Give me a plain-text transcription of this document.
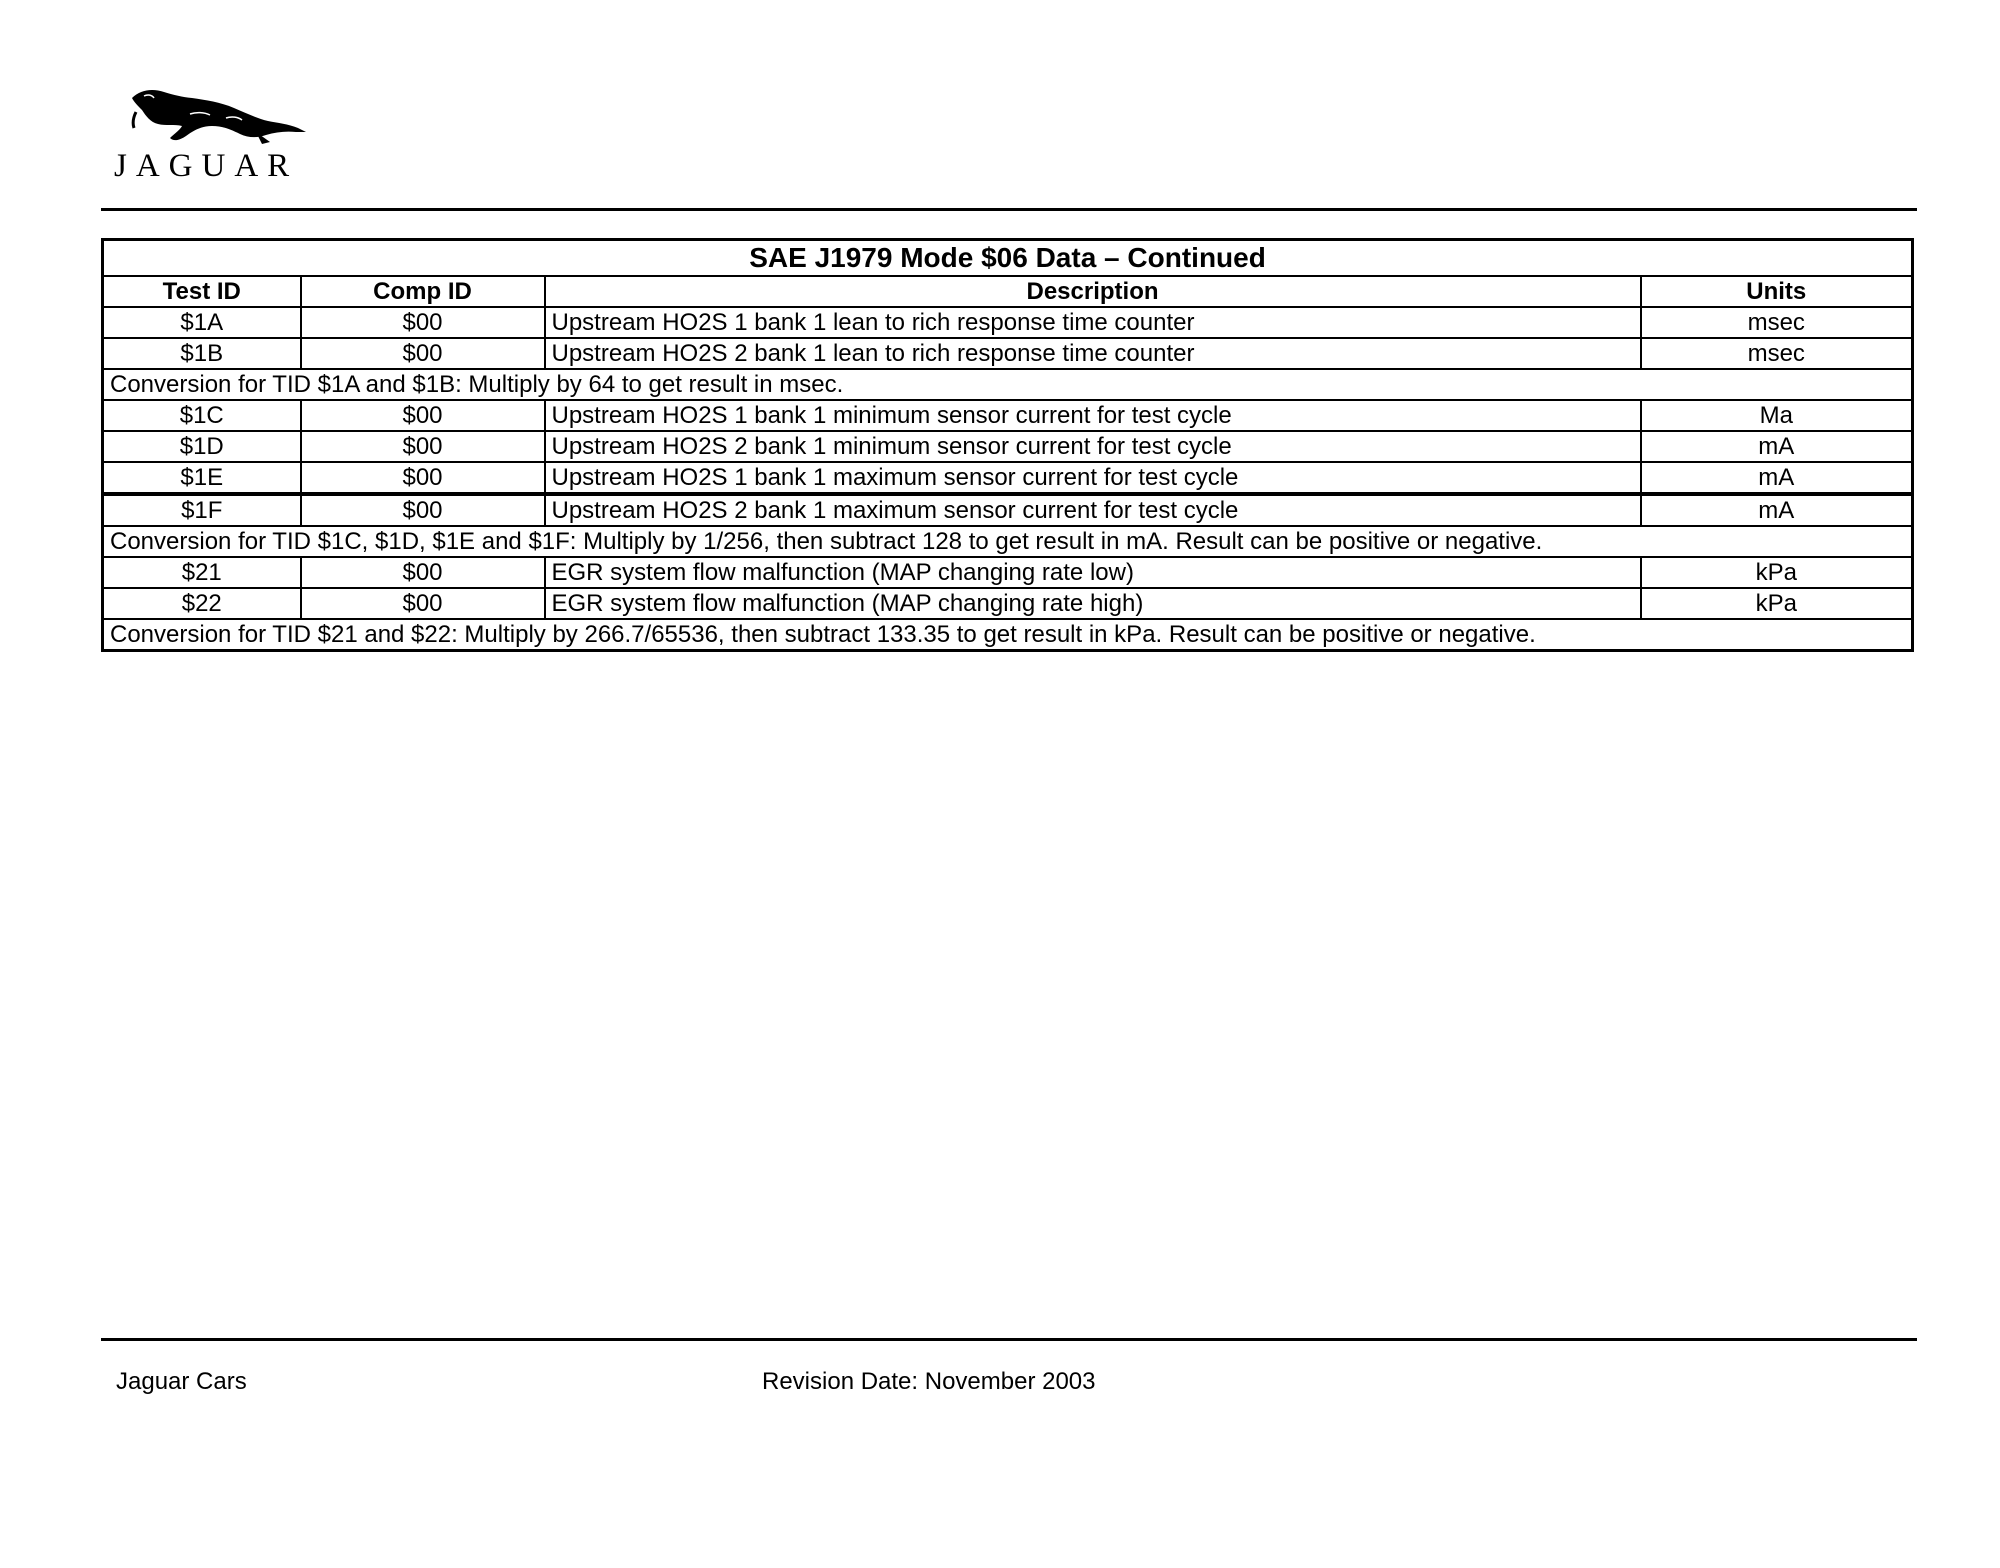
JAGUAR
SAE J1979 Mode $06 Data – Continued			
Test ID	Comp ID	Description	Units
$1A	$00	Upstream HO2S 1 bank 1 lean to rich response time counter	msec
$1B	$00	Upstream HO2S 2 bank 1 lean to rich response time counter	msec
Conversion for TID $1A and $1B: Multiply by 64 to get result in msec.			
$1C	$00	Upstream HO2S 1 bank 1 minimum sensor current for test cycle	Ma
$1D	$00	Upstream HO2S 2 bank 1 minimum sensor current for test cycle	mA
$1E	$00	Upstream HO2S 1 bank 1 maximum sensor current for test cycle	mA
$1F	$00	Upstream HO2S 2 bank 1 maximum sensor current for test cycle	mA
Conversion for TID $1C, $1D, $1E and $1F: Multiply by 1/256, then subtract 128 to get result in mA. Result can be positive or negative.			
$21	$00	EGR system flow malfunction (MAP changing rate low)	kPa
$22	$00	EGR system flow malfunction (MAP changing rate high)	kPa
Conversion for TID $21 and $22: Multiply by 266.7/65536, then subtract 133.35 to get result in kPa. Result can be positive or negative.			
Jaguar Cars	Revision Date: November 2003
